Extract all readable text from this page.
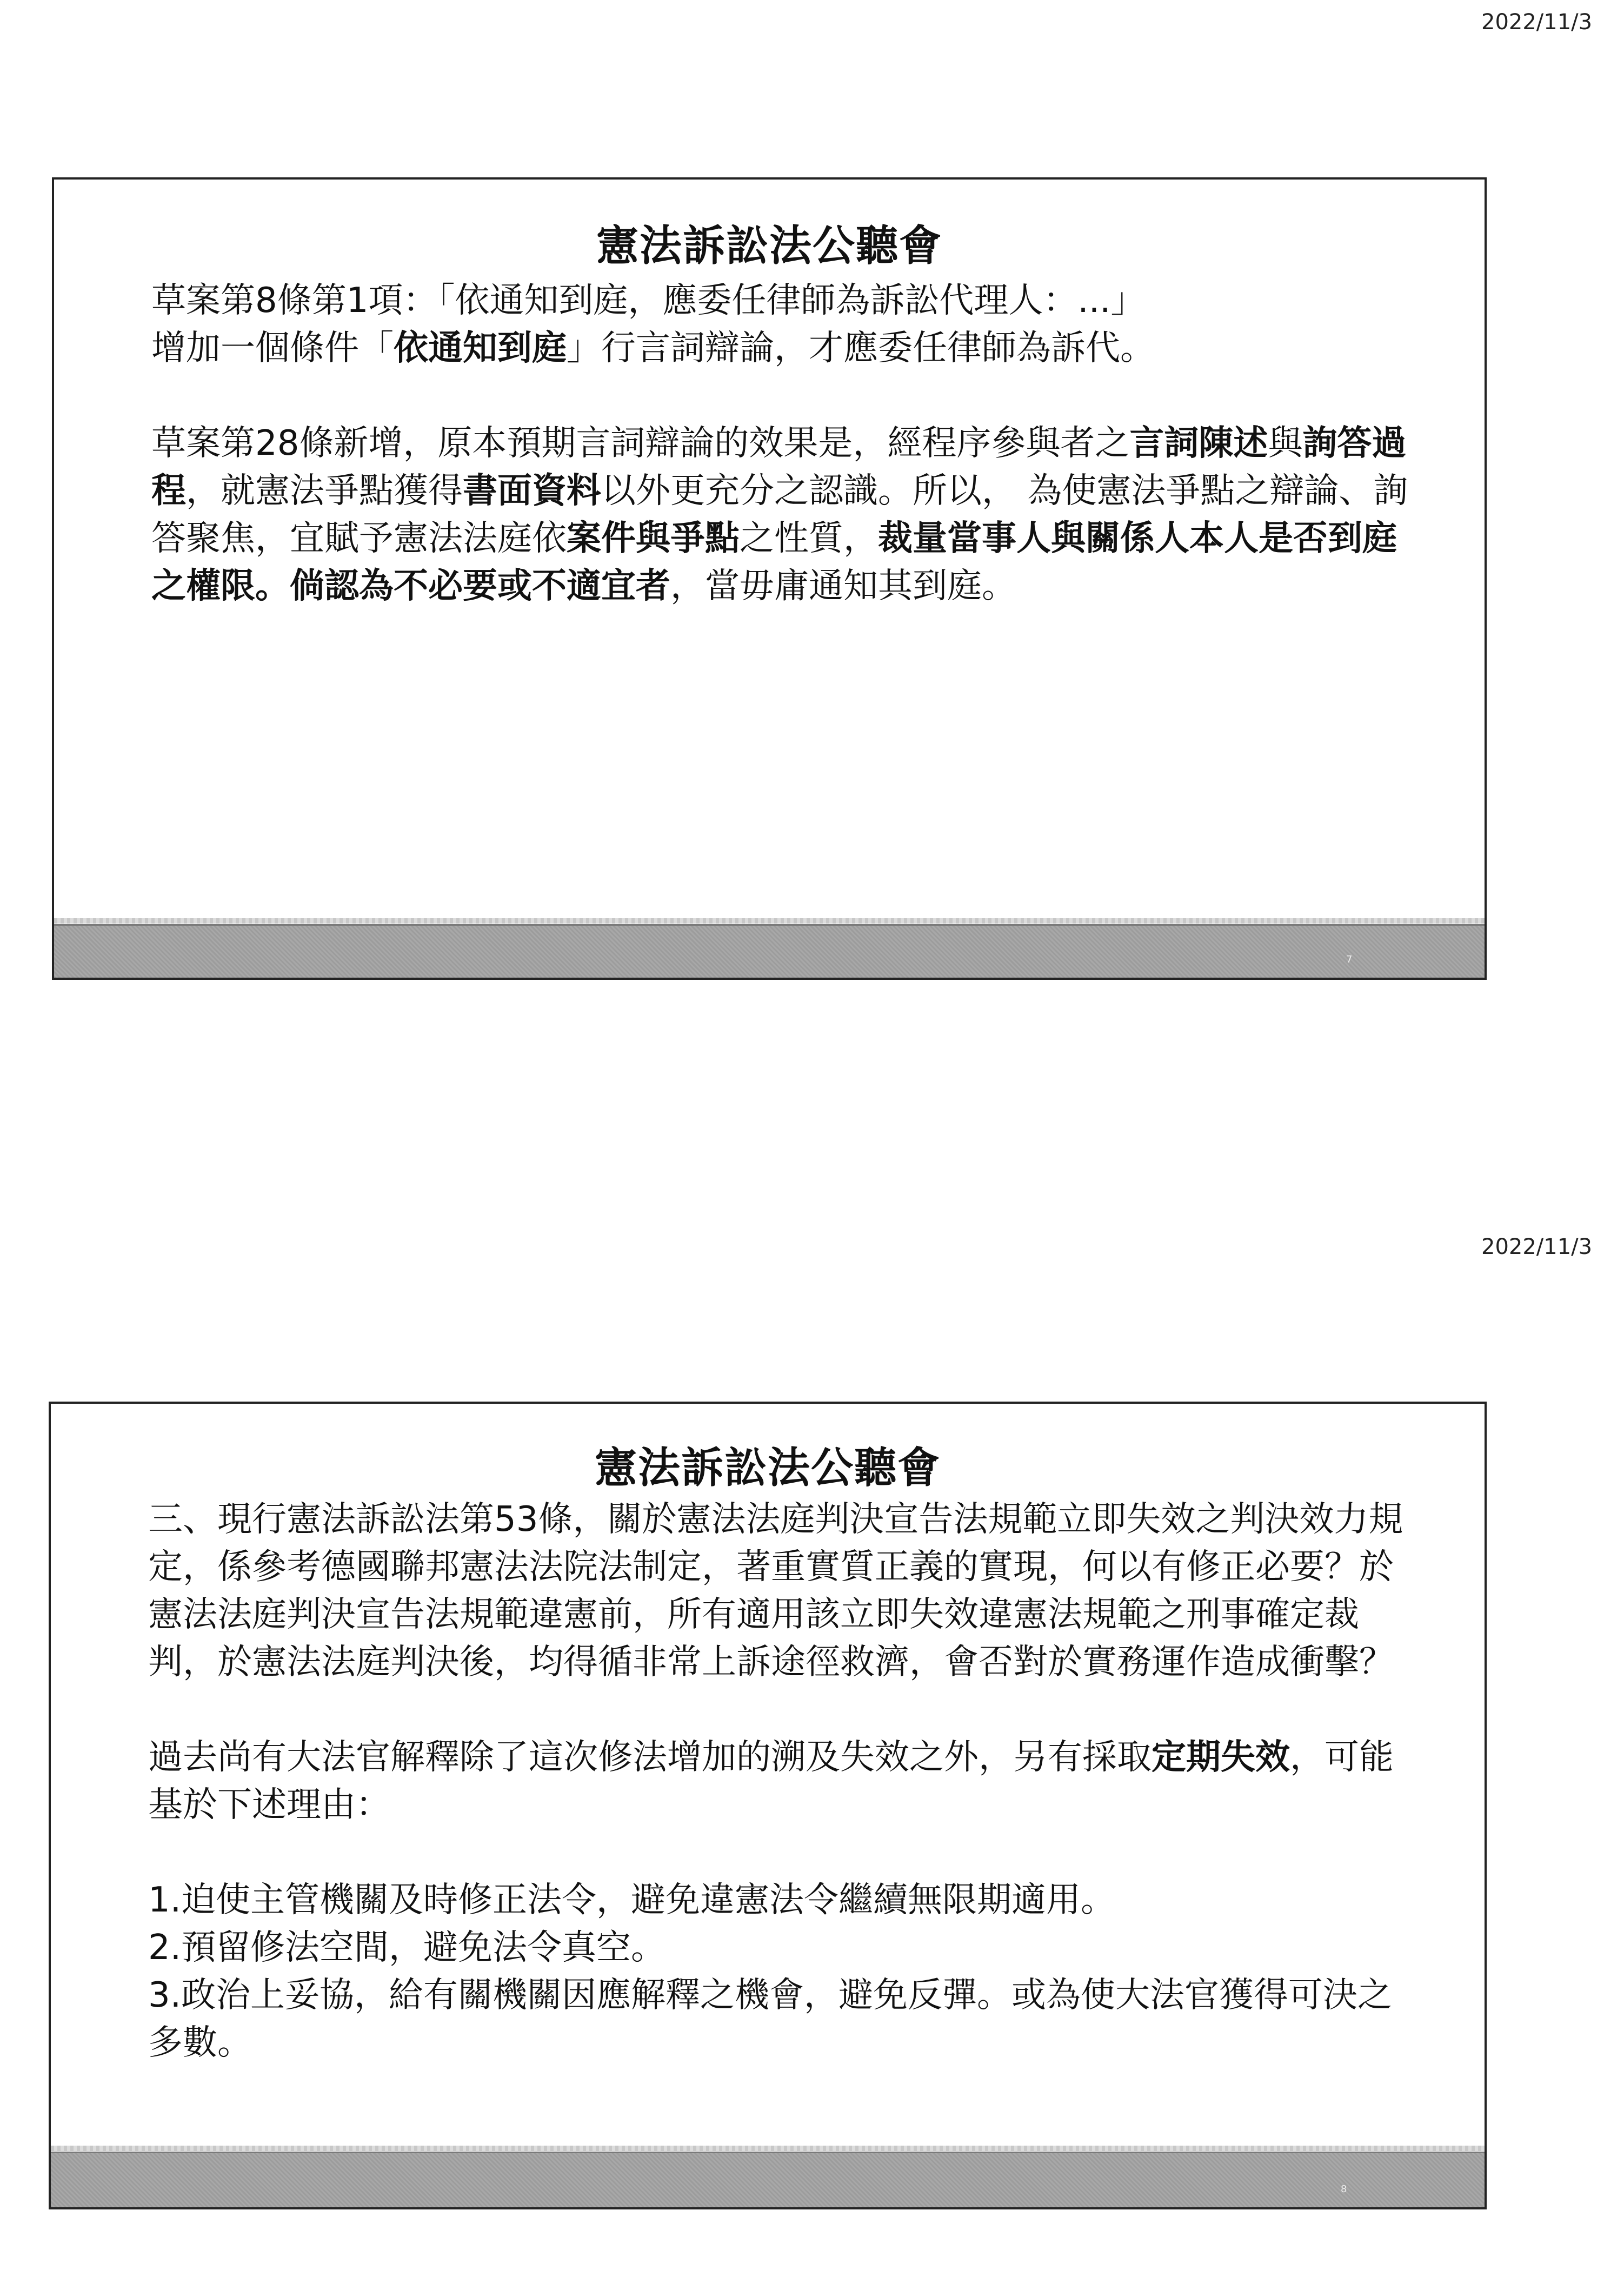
2022/11/3
憲法訴訟法公聽會

草案第8條第1項：「依通知到庭，應委任律師為訴訟代理人：...」
增加一個條件「依通知到庭」行言詞辯論，才應委任律師為訴代。

草案第28條新增，原本預期言詞辯論的效果是，經程序參與者之言詞陳述與詢答過程，就憲法爭點獲得書面資料以外更充分之認識。所以， 為使憲法爭點之辯論、詢答聚焦，宜賦予憲法法庭依案件與爭點之性質，裁量當事人與關係人本人是否到庭之權限。倘認為不必要或不適宜者，當毋庸通知其到庭。

7
2022/11/3
憲法訴訟法公聽會

三、現行憲法訴訟法第53條，關於憲法法庭判決宣告法規範立即失效之判決效力規定，係參考德國聯邦憲法法院法制定，著重實質正義的實現，何以有修正必要？於憲法法庭判決宣告法規範違憲前，所有適用該立即失效違憲法規範之刑事確定裁判，於憲法法庭判決後，均得循非常上訴途徑救濟，會否對於實務運作造成衝擊？

過去尚有大法官解釋除了這次修法增加的溯及失效之外，另有採取定期失效，可能基於下述理由：

1.迫使主管機關及時修正法令，避免違憲法令繼續無限期適用。

2.預留修法空間，避免法令真空。

3.政治上妥協，給有關機關因應解釋之機會，避免反彈。或為使大法官獲得可決之多數。

8
